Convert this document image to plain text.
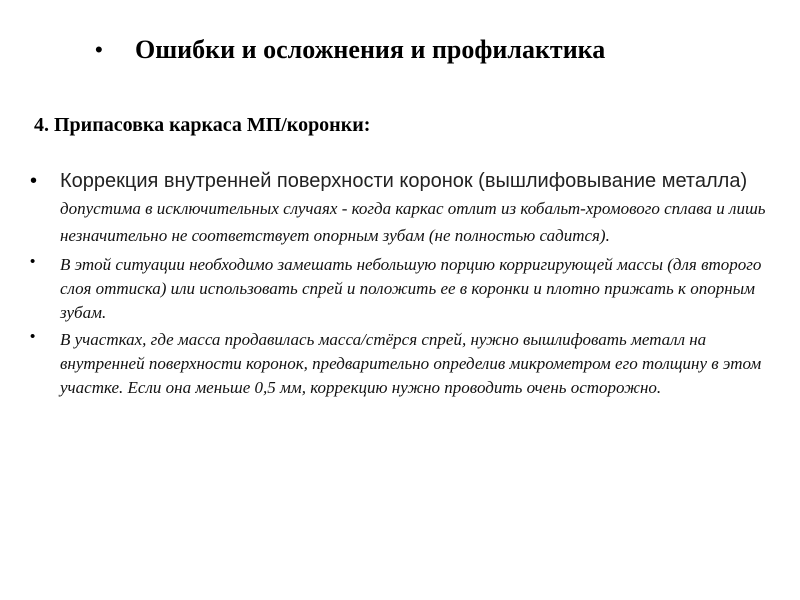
•	Ошибки и осложнения и профилактика
4. Припасовка каркаса МП/коронки:
• Коррекция внутренней поверхности коронок (вышлифовывание металла) допустима в исключительных случаях - когда каркас отлит из кобальт-хромового сплава и лишь незначительно не соответствует опорным зубам (не полностью садится).
• В этой ситуации необходимо замешать небольшую порцию корригирующей массы (для второго слоя оттиска) или использовать спрей и положить ее в коронки и плотно прижать к опорным зубам.
• В участках, где масса продавилась масса/стёрся спрей, нужно вышлифовать металл на внутренней поверхности коронок, предварительно определив микрометром его толщину в этом участке. Если она меньше 0,5 мм, коррекцию нужно проводить очень осторожно.
